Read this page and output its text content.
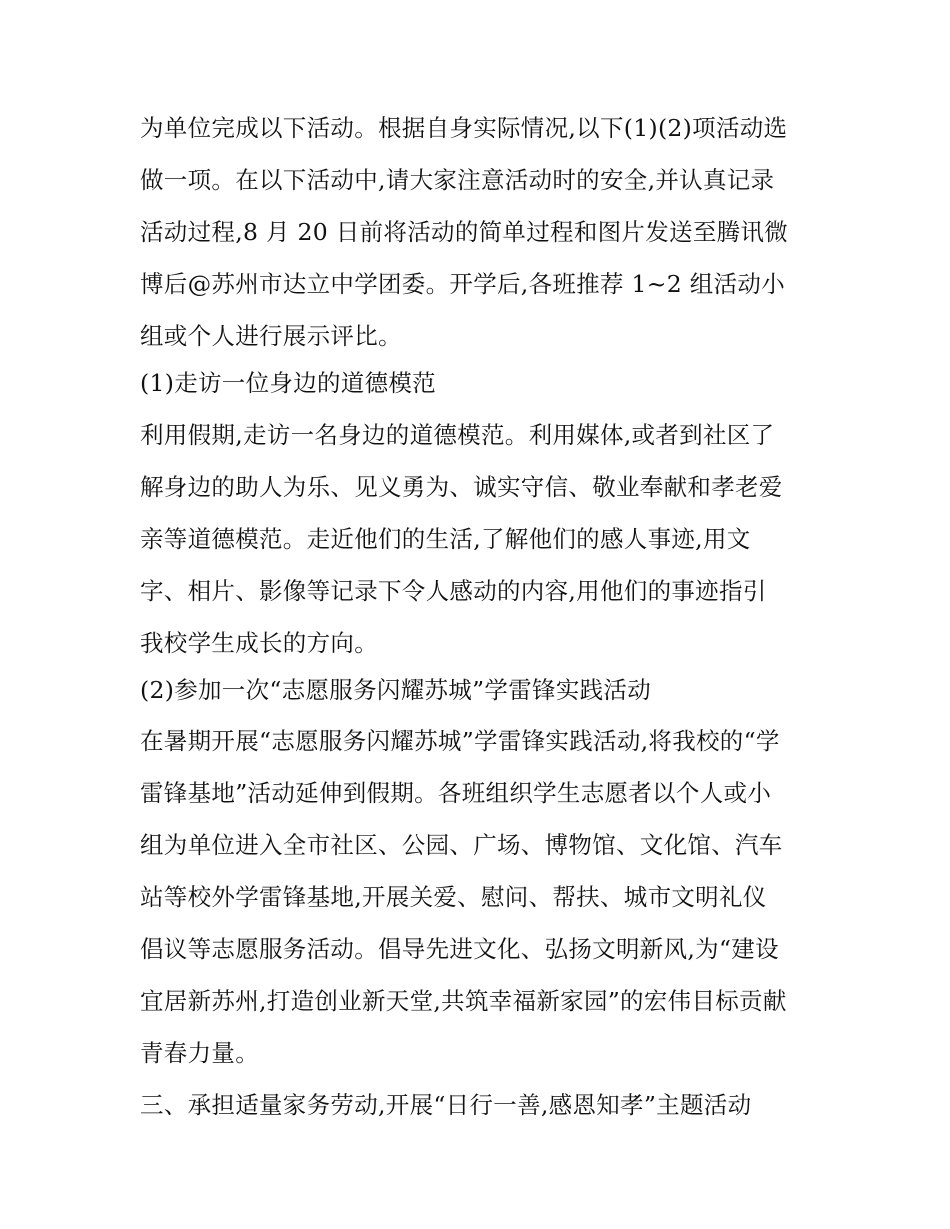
为单位完成以下活动。根据自身实际情况,以下(1)(2)项活动选
做一项。在以下活动中,请大家注意活动时的安全,并认真记录
活动过程,8 月 20 日前将活动的简单过程和图片发送至腾讯微
博后@苏州市达立中学团委。开学后,各班推荐 1~2 组活动小
组或个人进行展示评比。
(1)走访一位身边的道德模范
利用假期,走访一名身边的道德模范。利用媒体,或者到社区了
解身边的助人为乐、见义勇为、诚实守信、敬业奉献和孝老爱
亲等道德模范。走近他们的生活,了解他们的感人事迹,用文
字、相片、影像等记录下令人感动的内容,用他们的事迹指引
我校学生成长的方向。
(2)参加一次“志愿服务闪耀苏城”学雷锋实践活动
在暑期开展“志愿服务闪耀苏城”学雷锋实践活动,将我校的“学
雷锋基地”活动延伸到假期。各班组织学生志愿者以个人或小
组为单位进入全市社区、公园、广场、博物馆、文化馆、汽车
站等校外学雷锋基地,开展关爱、慰问、帮扶、城市文明礼仪
倡议等志愿服务活动。倡导先进文化、弘扬文明新风,为“建设
宜居新苏州,打造创业新天堂,共筑幸福新家园”的宏伟目标贡献
青春力量。
三、承担适量家务劳动,开展“日行一善,感恩知孝”主题活动
